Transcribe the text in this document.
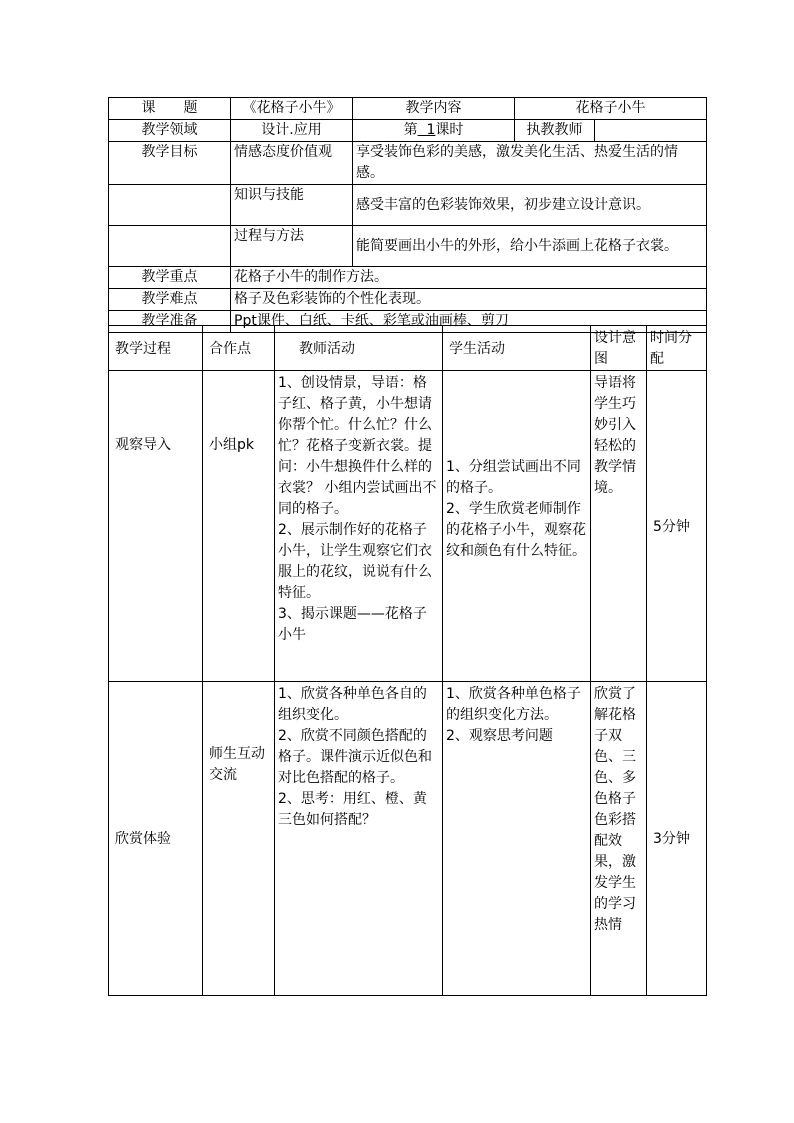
课　　题	《花格子小牛》	教学内容	花格子小牛	
教学领域	设计.应用	第 1课时	执教教师	
教学目标	情感态度价值观	享受装饰色彩的美感，激发美化生活、热爱生活的情感。		
	知识与技能	感受丰富的色彩装饰效果，初步建立设计意识。		
	过程与方法	能简要画出小牛的外形，给小牛添画上花格子衣裳。		
教学重点	花格子小牛的制作方法。			
教学难点	格子及色彩装饰的个性化表现。			
教学准备	Ppt课件、白纸、卡纸、彩笔或油画棒、剪刀			
教学过程	合作点	教师活动	学生活动	设计意图	时间分配
观察导入	小组pk	1、创设情景，导语：格子红、格子黄，小牛想请你帮个忙。什么忙？什么忙？花格子变新衣裳。提问：小牛想换件什么样的衣裳？ 小组内尝试画出不同的格子。
2、展示制作好的花格子小牛，让学生观察它们衣服上的花纹，说说有什么特征。
3、揭示课题——花格子小牛	1、分组尝试画出不同的格子。
2、学生欣赏老师制作的花格子小牛，观察花纹和颜色有什么特征。	导语将学生巧妙引入轻松的教学情境。	5分钟
欣赏体验	师生互动交流	1、欣赏各种单色各自的组织变化。
2、欣赏不同颜色搭配的格子。课件演示近似色和对比色搭配的格子。
2、思考：用红、橙、黄三色如何搭配？	1、欣赏各种单色格子的组织变化方法。
2、观察思考问题	欣赏了解花格子双色、三色、多色格子色彩搭配效果，激发学生的学习热情	3分钟
